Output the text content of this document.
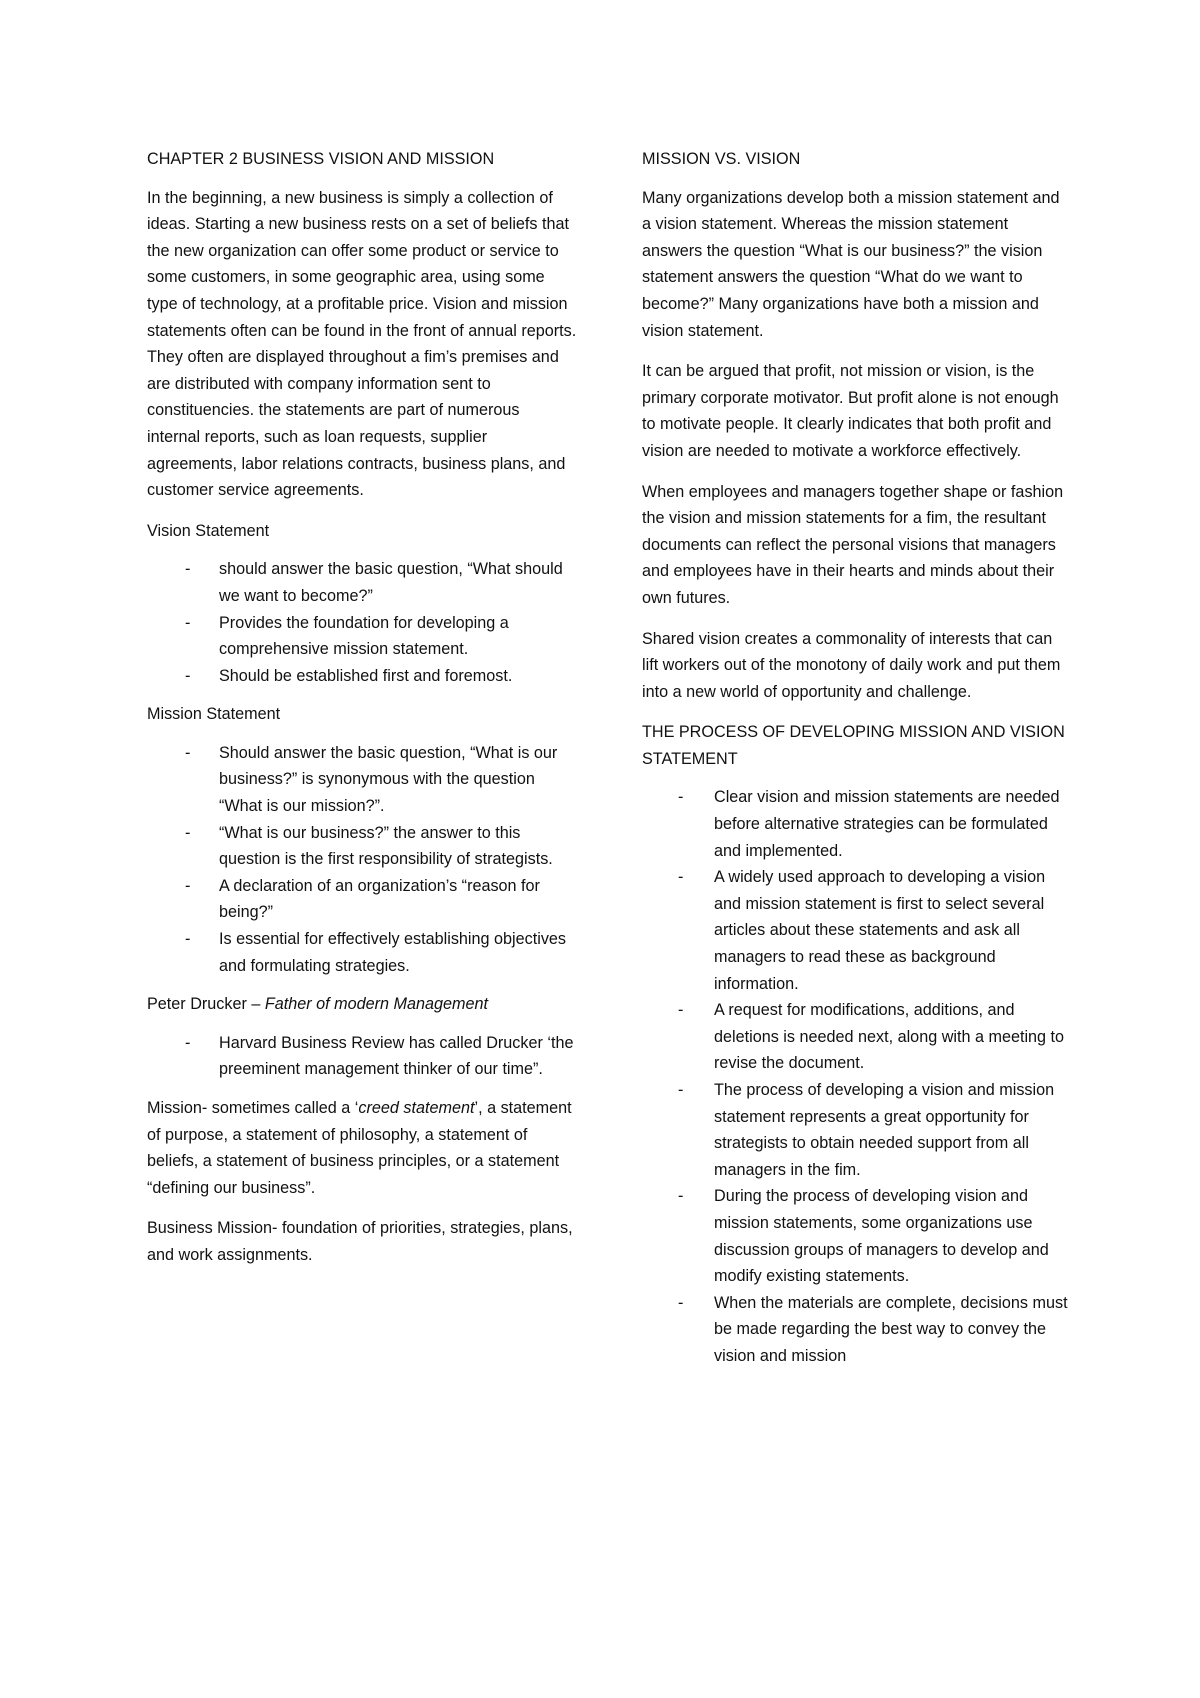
CHAPTER 2 BUSINESS VISION AND MISSION

In the beginning, a new business is simply a collection of ideas. Starting a new business rests on a set of beliefs that the new organization can offer some product or service to some customers, in some geographic area, using some type of technology, at a profitable price. Vision and mission statements often can be found in the front of annual reports. They often are displayed throughout a fim’s premises and are distributed with company information sent to constituencies. the statements are part of numerous internal reports, such as loan requests, supplier agreements, labor relations contracts, business plans, and customer service agreements.

Vision Statement

- should answer the basic question, “What should we want to become?”
- Provides the foundation for developing a comprehensive mission statement.
- Should be established first and foremost.

Mission Statement

- Should answer the basic question, “What is our business?” is synonymous with the question “What is our mission?”.
- “What is our business?” the answer to this question is the first responsibility of strategists.
- A declaration of an organization’s “reason for being?”
- Is essential for effectively establishing objectives and formulating strategies.

Peter Drucker – Father of modern Management

- Harvard Business Review has called Drucker ‘the preeminent management thinker of our time”.

Mission- sometimes called a ‘creed statement’, a statement of purpose, a statement of philosophy, a statement of beliefs, a statement of business principles, or a statement “defining our business”.

Business Mission- foundation of priorities, strategies, plans, and work assignments.

MISSION VS. VISION

Many organizations develop both a mission statement and a vision statement. Whereas the mission statement answers the question “What is our business?” the vision statement answers the question “What do we want to become?” Many organizations have both a mission and vision statement.

It can be argued that profit, not mission or vision, is the primary corporate motivator. But profit alone is not enough to motivate people. It clearly indicates that both profit and vision are needed to motivate a workforce effectively.

When employees and managers together shape or fashion the vision and mission statements for a fim, the resultant documents can reflect the personal visions that managers and employees have in their hearts and minds about their own futures.

Shared vision creates a commonality of interests that can lift workers out of the monotony of daily work and put them into a new world of opportunity and challenge.

THE PROCESS OF DEVELOPING MISSION AND VISION STATEMENT

- Clear vision and mission statements are needed before alternative strategies can be formulated and implemented.
- A widely used approach to developing a vision and mission statement is first to select several articles about these statements and ask all managers to read these as background information.
- A request for modifications, additions, and deletions is needed next, along with a meeting to revise the document.
- The process of developing a vision and mission statement represents a great opportunity for strategists to obtain needed support from all managers in the fim.
- During the process of developing vision and mission statements, some organizations use discussion groups of managers to develop and modify existing statements.
- When the materials are complete, decisions must be made regarding the best way to convey the vision and mission
